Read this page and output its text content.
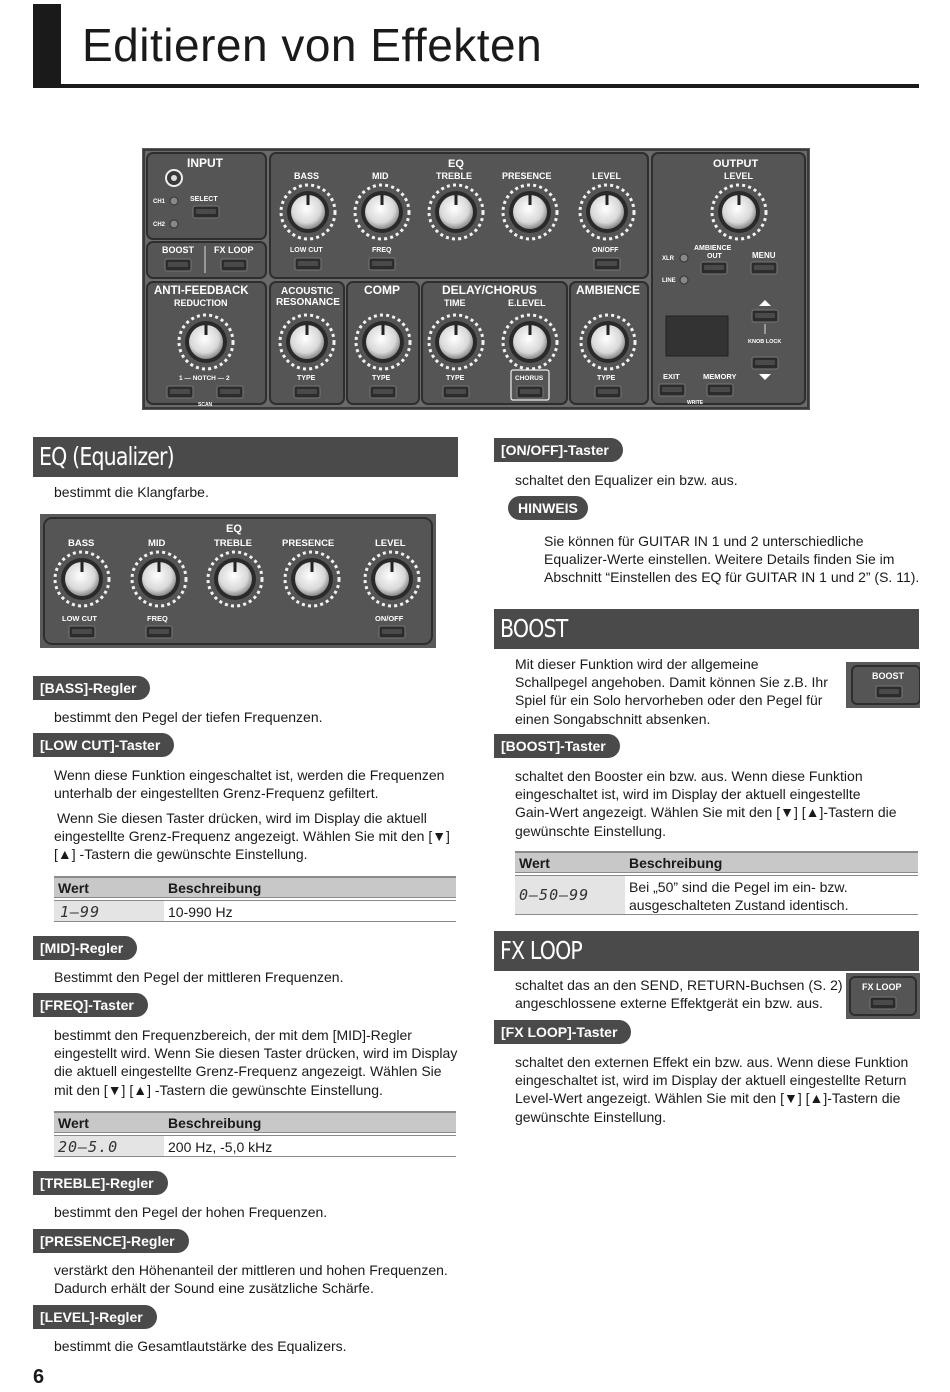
Editieren von Effekten
INPUT
CH1
CH2
SELECT
BOOST FX LOOP
EQ
BASS	MID	TREBLE	PRESENCE	LEVEL
LOW CUT	FREQ	ON/OFF
OUTPUT
LEVEL
XLR
LINE
AMBIENCE
OUT	MENU
KNOB LOCK
EXIT	MEMORY
WRITE
ANTI-FEEDBACK
REDUCTION
1 — NOTCH — 2
SCAN
ACOUSTIC
RESONANCE
TYPE
COMP
TYPE
DELAY/CHORUS
TIME	E.LEVEL
TYPE	CHORUS
AMBIENCE
TYPE
EQ (Equalizer)
bestimmt die Klangfarbe.
EQ
BASS	MID	TREBLE	PRESENCE	LEVEL
LOW CUT	FREQ	ON/OFF
[BASS]-Regler
bestimmt den Pegel der tiefen Frequenzen.
[LOW CUT]-Taster
Wenn diese Funktion eingeschaltet ist, werden die Frequenzen
unterhalb der eingestellten Grenz-Frequenz gefiltert.
Wenn Sie diesen Taster drücken, wird im Display die aktuell
eingestellte Grenz-Frequenz angezeigt. Wählen Sie mit den [▼]
[▲] -Tastern die gewünschte Einstellung.
Wert	Beschreibung
1–99	10-990 Hz
[MID]-Regler
Bestimmt den Pegel der mittleren Frequenzen.
[FREQ]-Taster
bestimmt den Frequenzbereich, der mit dem [MID]-Regler
eingestellt wird. Wenn Sie diesen Taster drücken, wird im Display
die aktuell eingestellte Grenz-Frequenz angezeigt. Wählen Sie
mit den [▼] [▲] -Tastern die gewünschte Einstellung.
Wert	Beschreibung
20–5.0	200 Hz, -5,0 kHz
[TREBLE]-Regler
bestimmt den Pegel der hohen Frequenzen.
[PRESENCE]-Regler
verstärkt den Höhenanteil der mittleren und hohen Frequenzen.
Dadurch erhält der Sound eine zusätzliche Schärfe.
[LEVEL]-Regler
bestimmt die Gesamtlautstärke des Equalizers.
6
[ON/OFF]-Taster
schaltet den Equalizer ein bzw. aus.
HINWEIS
Sie können für GUITAR IN 1 und 2 unterschiedliche
Equalizer-Werte einstellen. Weitere Details finden Sie im
Abschnitt “Einstellen des EQ für GUITAR IN 1 und 2” (S. 11).
BOOST
Mit dieser Funktion wird der allgemeine
Schallpegel angehoben. Damit können Sie z.B. Ihr
Spiel für ein Solo hervorheben oder den Pegel für
einen Songabschnitt absenken.
BOOST
[BOOST]-Taster
schaltet den Booster ein bzw. aus. Wenn diese Funktion
eingeschaltet ist, wird im Display der aktuell eingestellte
Gain-Wert angezeigt. Wählen Sie mit den [▼] [▲]-Tastern die
gewünschte Einstellung.
Wert	Beschreibung
0–50–99	Bei „50” sind die Pegel im ein- bzw.
ausgeschalteten Zustand identisch.
FX LOOP
schaltet das an den SEND, RETURN-Buchsen (S. 2)
angeschlossene externe Effektgerät ein bzw. aus.
FX LOOP
[FX LOOP]-Taster
schaltet den externen Effekt ein bzw. aus. Wenn diese Funktion
eingeschaltet ist, wird im Display der aktuell eingestellte Return
Level-Wert angezeigt. Wählen Sie mit den [▼] [▲]-Tastern die
gewünschte Einstellung.
